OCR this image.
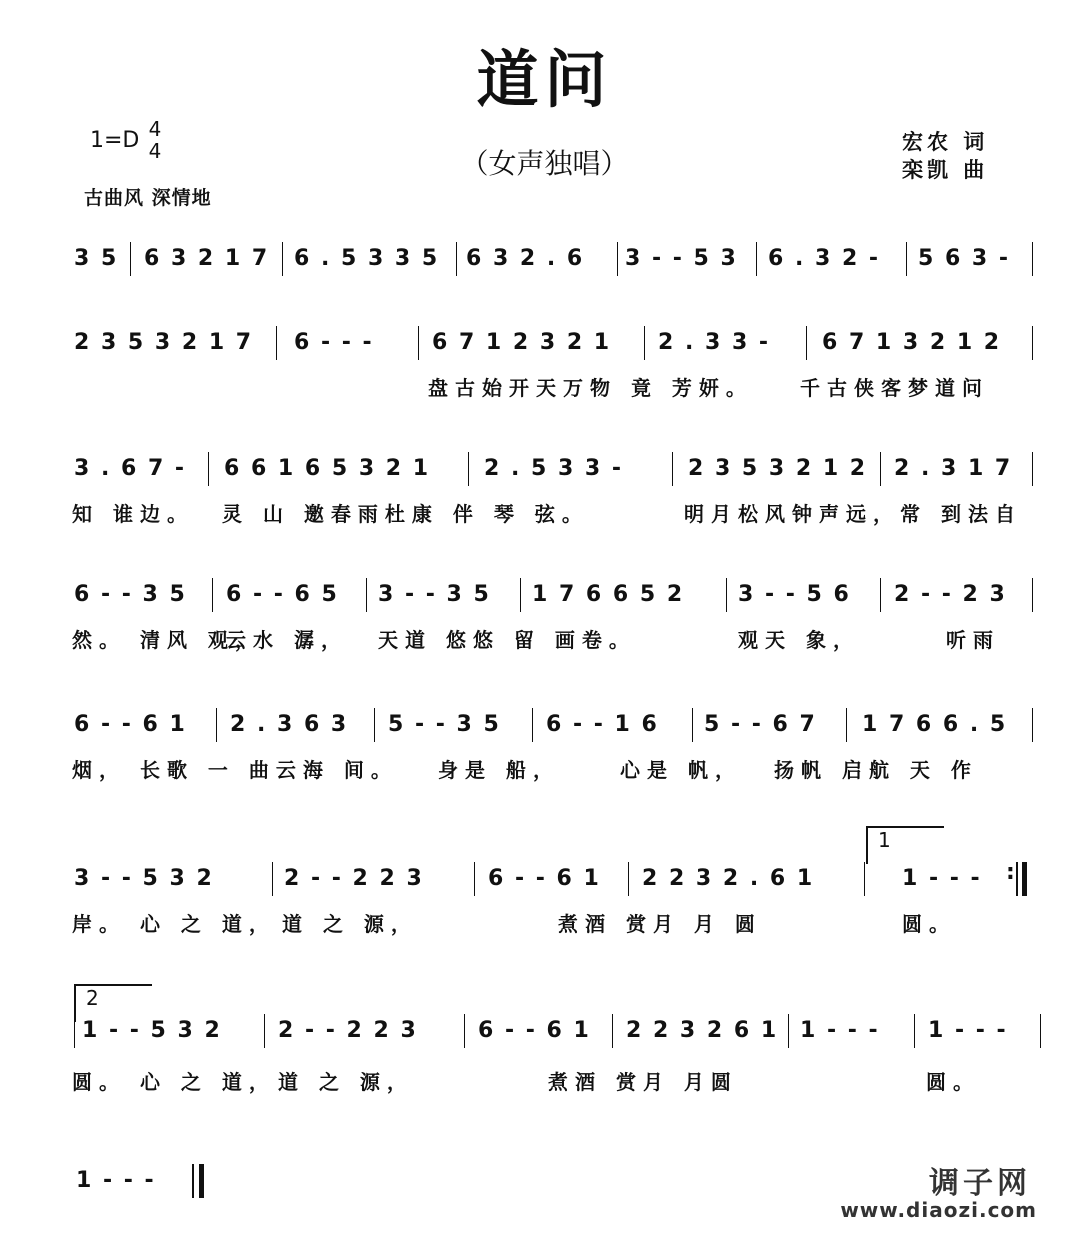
道问
（女声独唱）
1=D 4
4
古曲风 深情地
宏农 词
栾凯 曲
3 5 6 3 2 1 7 6 . 5 3 3 5 6 3 2 . 6 3 - - 5 3 6 . 3 2 - 5 6 3 -
2 3 5 3 2 1 7 6 - - -	6 7 1 2 3 2 1 2 . 3 3 - 6 7 1 3 2 1 2
盘古始开天万物 竟 芳妍。 千古侠客梦道问
3 . 6 7 - 6 6 1 6 5 3 2 1 2 . 5 3 3 -	2 3 5 3 2 1 2 2 . 3 1 7
知 谁边。 灵 山 邀春雨杜康 伴 琴 弦。	明月松风钟声远，常 到法自
6 - - 3 5 6 - - 6 5 3 - - 3 5 1 7 6 6 5 2 3 - - 5 6 2 - - 2 3
然。 清风 观，
云水 潺， 天道 悠悠 留 画卷。	观天 象，	听雨
6 - - 6 1 2 . 3 6 3 5 - - 3 5 6 - - 1 6 5 - - 6 7 1 7 6 6 . 5
烟， 长歌 一 曲云海 间。 身是 船，	心是 帆， 扬帆 启航 天 作
3 - - 5 3 2	2 - - 2 2 3	6 - - 6 1 2 2 3 2 . 6 1	1 - - -
:
岸。 心 之 道， 道 之 源，	煮酒 赏月 月 圆	圆。
1 - - 5 3 2	2 - - 2 2 3	6 - - 6 1 2 2 3 2 6 1 1 - - - 1 - - -
圆。 心 之 道， 道 之 源，	煮酒 赏月 月圆	圆。
1 - - -
1
2
调子网
www.diaozi.com
